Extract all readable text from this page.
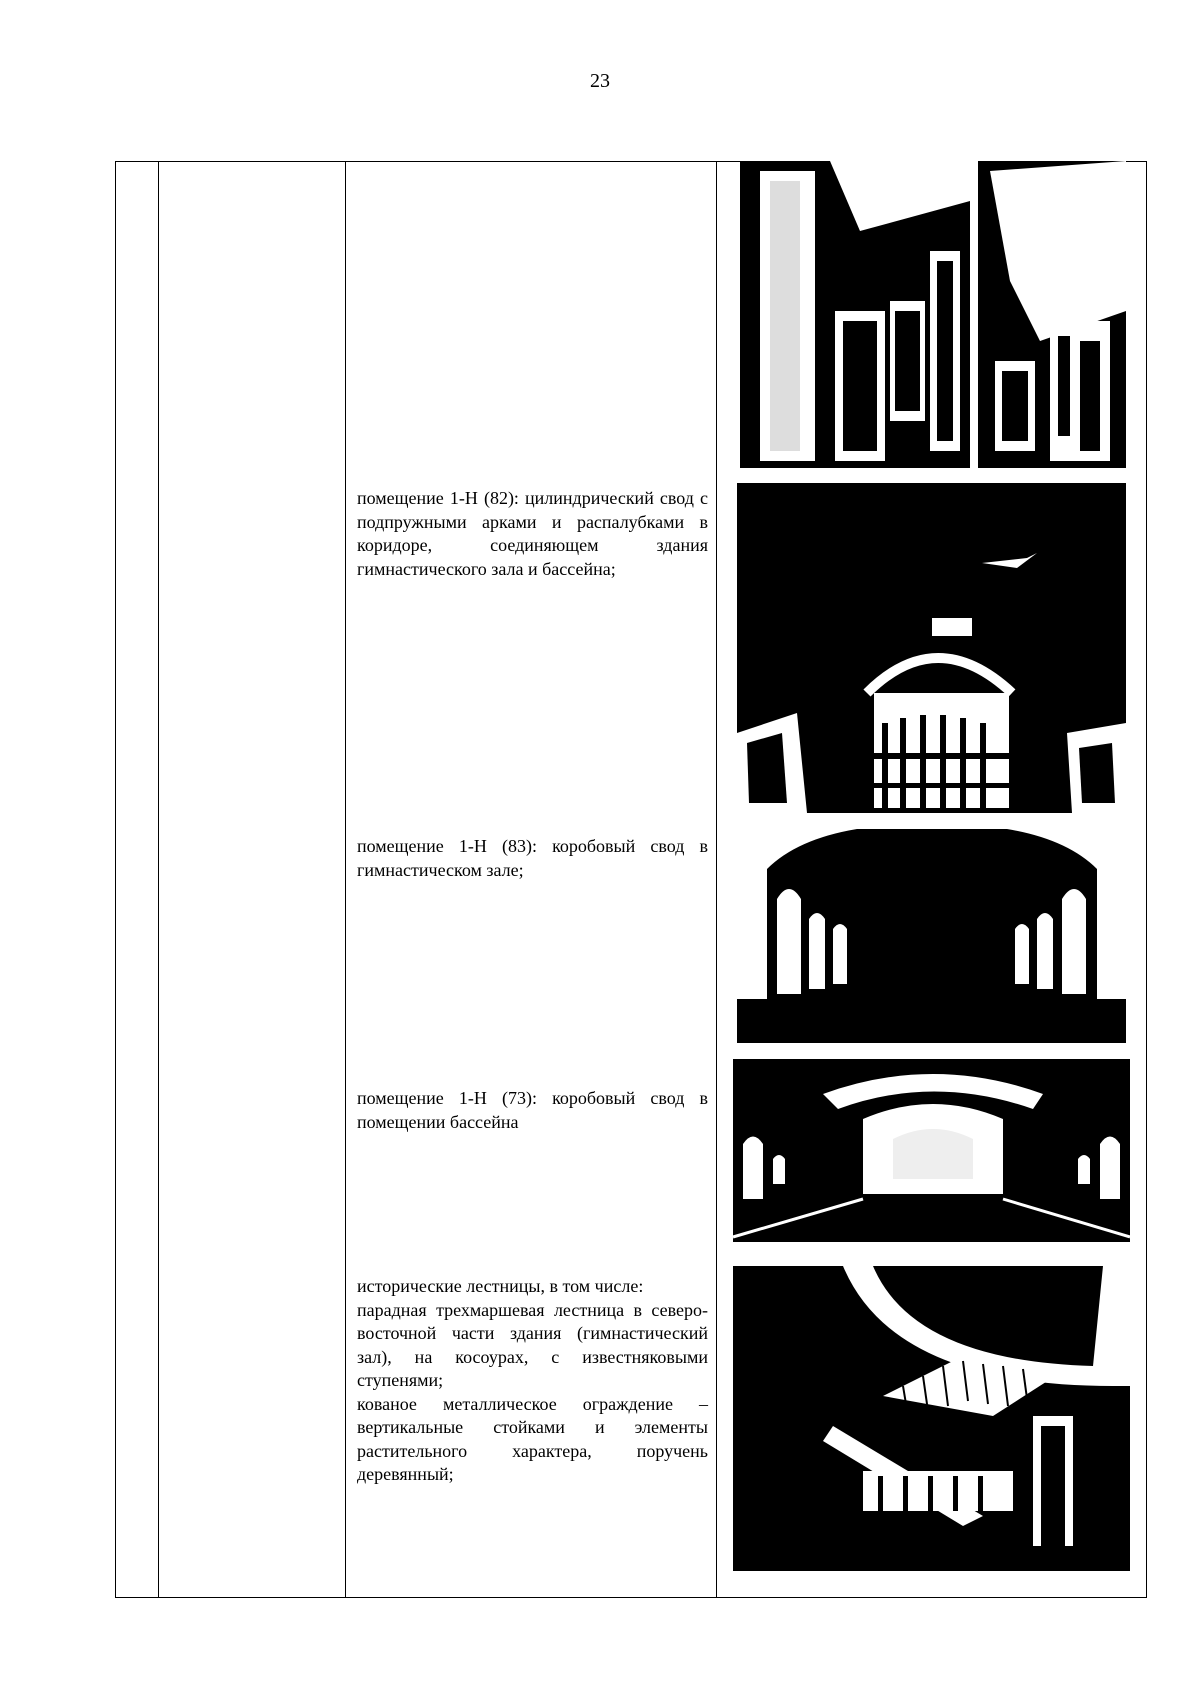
23

помещение 1-Н (82): цилиндрический свод с подпружными арками и распалубками в коридоре, соединяющем здания гимнастического зала и бассейна;

помещение 1-Н (83): коробовый свод в гимнастическом зале;

помещение 1-Н (73): коробовый свод в помещении бассейна

исторические лестницы, в том числе:

парадная трехмаршевая лестница в северо-восточной части здания (гимнастический зал), на косоурах, с известняковыми ступенями;

кованое металлическое ограждение – вертикальные стойками и элементы растительного характера, поручень деревянный;
